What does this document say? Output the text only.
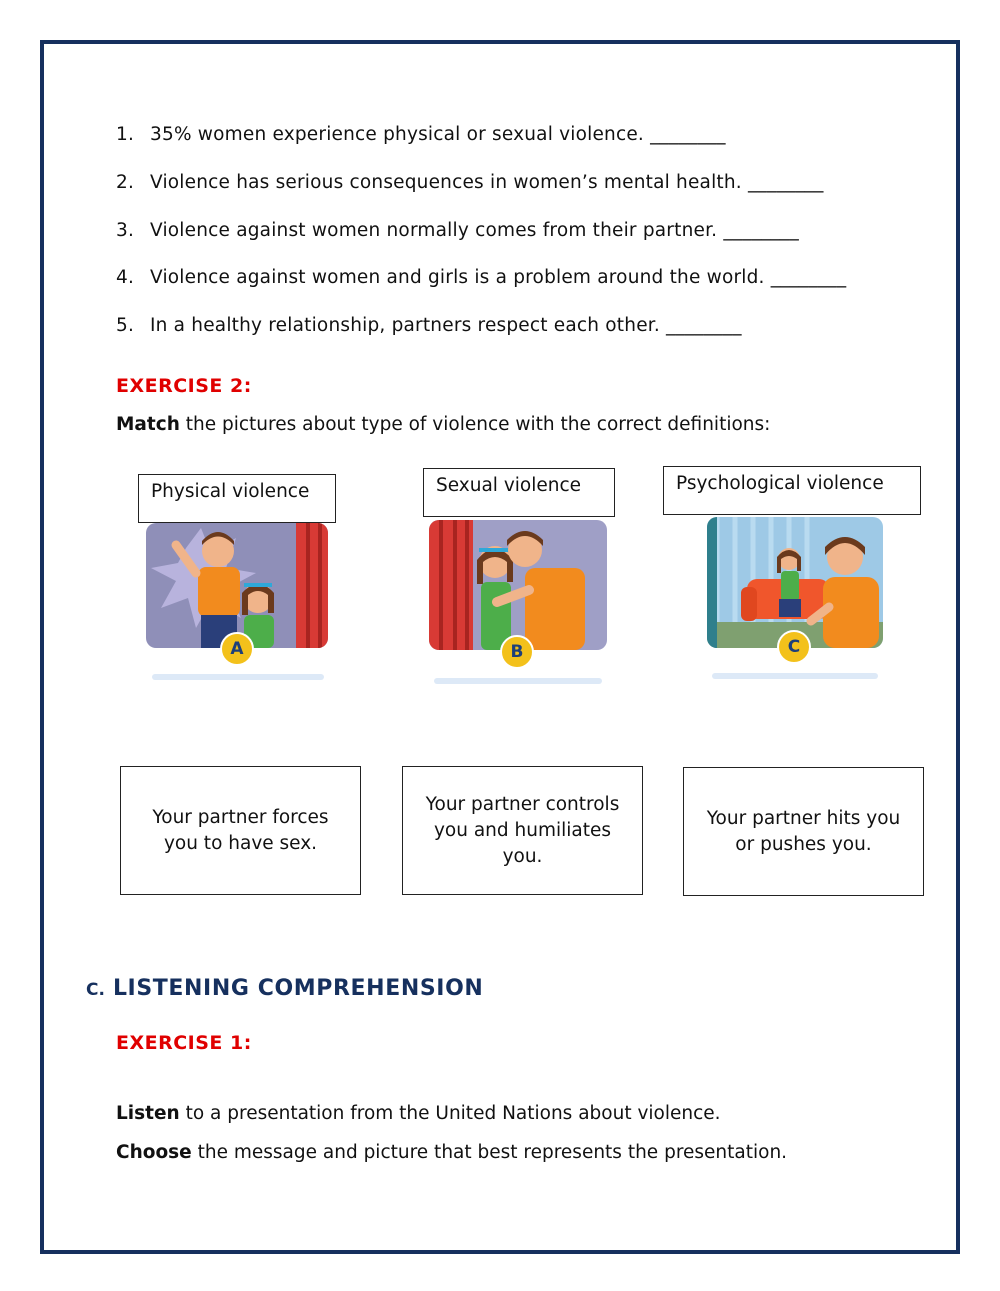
1. 35% women experience physical or sexual violence. ________
2. Violence has serious consequences in women’s mental health. ________
3. Violence against women normally comes from their partner. ________
4. Violence against women and girls is a problem around the world. ________
5. In a healthy relationship, partners respect each other. ________
EXERCISE 2:
Match the pictures about type of violence with the correct definitions:
Physical violence	Sexual violence	Psychological violence
A	B	C
Your partner forces you to have sex.
Your partner controls you and humiliates you.
Your partner hits you or pushes you.
C. LISTENING COMPREHENSION
EXERCISE 1:
Listen to a presentation from the United Nations about violence.
Choose the message and picture that best represents the presentation.
